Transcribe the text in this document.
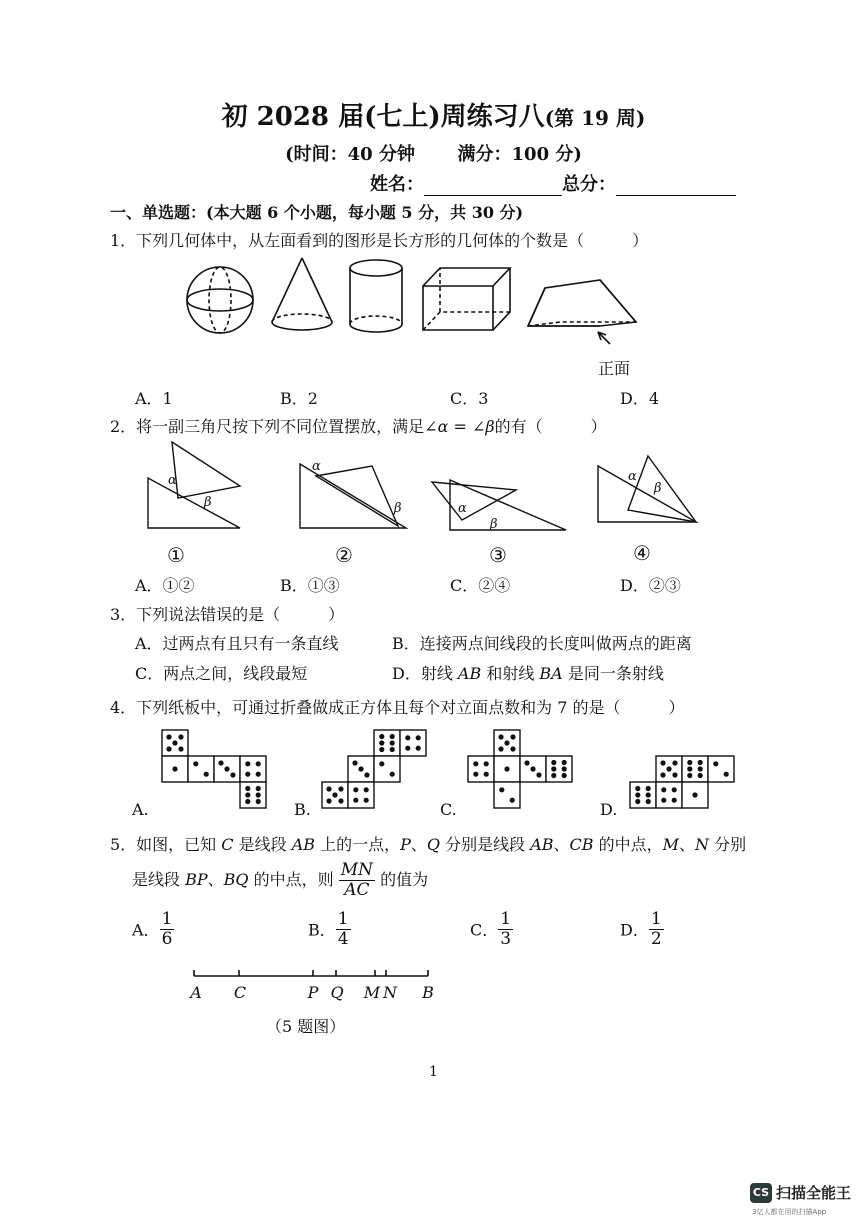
初 2028 届(七上)周练习八(第 19 周)
(时间：40 分钟 满分：100 分)
姓名：	总分：
一、单选题：(本大题 6 个小题，每小题 5 分，共 30 分)
1．下列几何体中，从左面看到的图形是长方形的几何体的个数是（　　　）
正面
A．1	B．2	C．3	D．4
2．将一副三角尺按下列不同位置摆放，满足∠α = ∠β的有（　　　）
α
β
α
β	α
β
α
β
①	②	③	④
A．①②	B．①③	C．②④	D．②③
3．下列说法错误的是（　　　）
A．过两点有且只有一条直线	B．连接两点间线段的长度叫做两点的距离
C．两点之间，线段最短	D．射线 AB 和射线 BA 是同一条射线
4．下列纸板中，可通过折叠做成正方体且每个对立面点数和为 7 的是（　　　）
A.	B.	C.	D.
5．如图，已知 C 是线段 AB 上的一点，P、Q 分别是线段 AB、CB 的中点，M、N 分别
是线段 BP、BQ 的中点，则 $\frac{MN}{AC}$ 的值为
A． $\frac{1}{6}$	B． $\frac{1}{4}$	C． $\frac{1}{3}$	D． $\frac{1}{2}$
A C	P Q M N B
（5 题图）
1
CS 扫描全能王
3亿人都在用的扫描App
